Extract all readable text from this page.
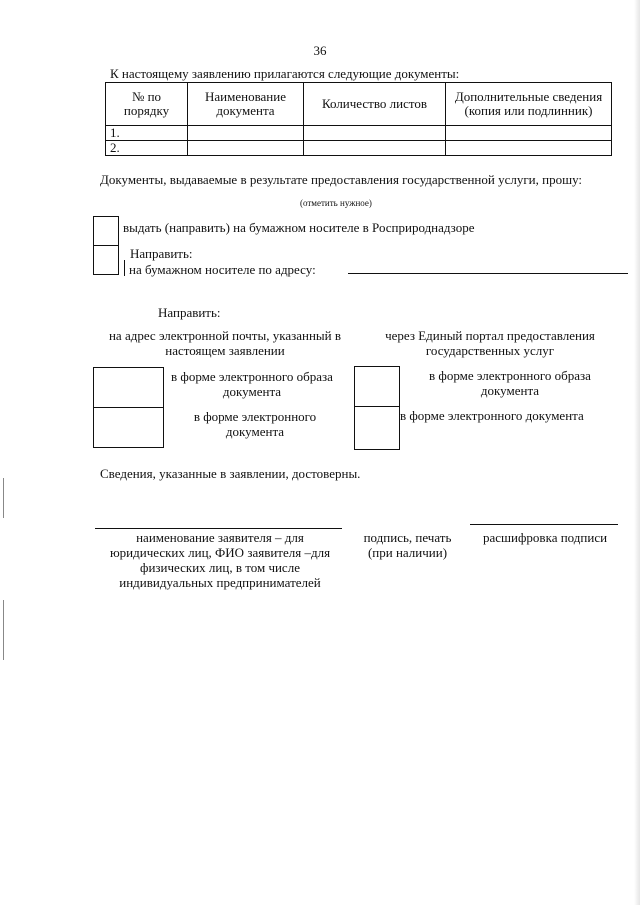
36
К настоящему заявлению прилагаются следующие документы:
№ по порядку	Наименование документа	Количество листов	Дополнительные сведения (копия или подлинник)
1.			
2.			
Документы, выдаваемые в результате предоставления государственной услуги, прошу:
(отметить нужное)
выдать (направить) на бумажном носителе в Росприроднадзоре
Направить:
на бумажном носителе по адресу:
Направить:
на адрес электронной почты, указанный в настоящем заявлении
через Единый портал предоставления государственных услуг
в форме электронного образа документа
в форме электронного документа
в форме электронного образа документа
в форме электронного документа
Сведения, указанные в заявлении, достоверны.
наименование заявителя – для юридических лиц, ФИО заявителя –для физических лиц, в том числе индивидуальных предпринимателей
подпись, печать (при наличии)
расшифровка подписи
